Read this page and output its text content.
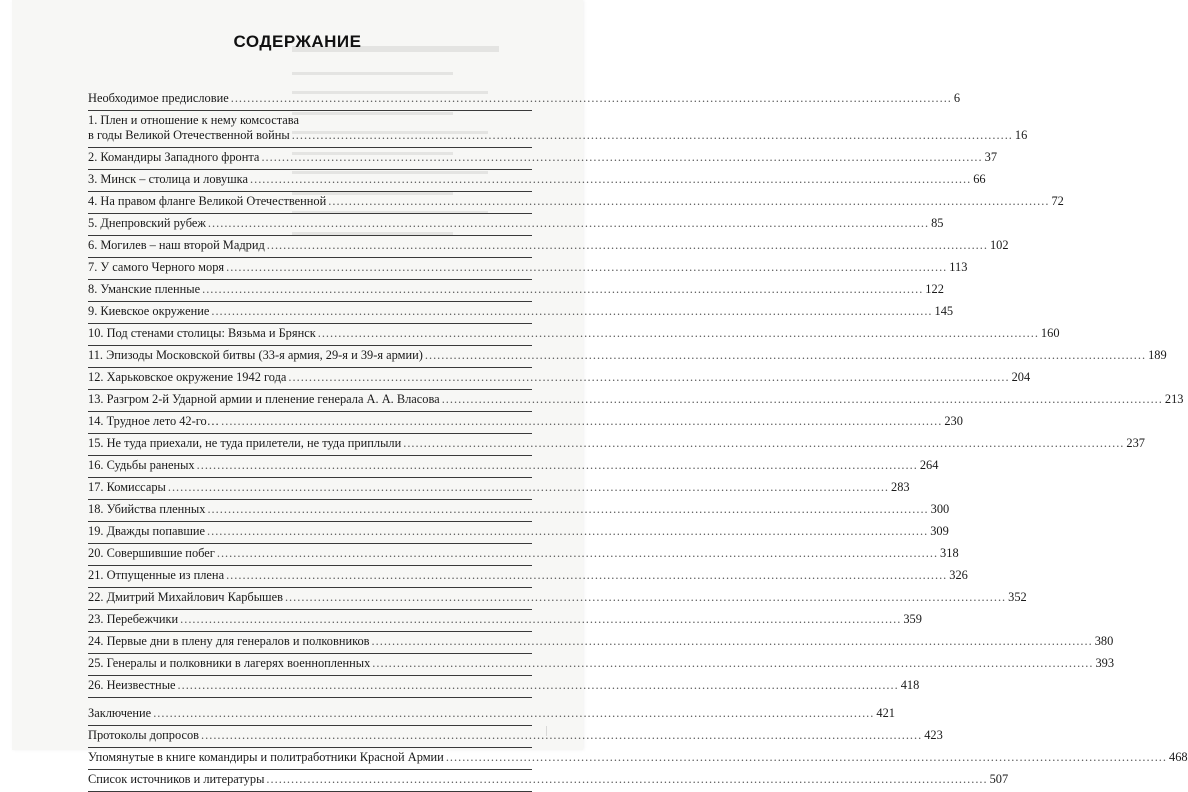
СОДЕРЖАНИЕ
Необходимое предисловие .....	6
1. Плен и отношение к нему комсостава
в годы Великой Отечественной войны .....	16
2. Командиры Западного фронта .....	37
3. Минск – столица и ловушка .....	66
4. На правом фланге Великой Отечественной .....	72
5. Днепровский рубеж .....	85
6. Могилев – наш второй Мадрид .....	102
7. У самого Черного моря .....	113
8. Уманские пленные .....	122
9. Киевское окружение .....	145
10. Под стенами столицы: Вязьма и Брянск .....	160
11. Эпизоды Московской битвы (33-я армия, 29-я и 39-я армии) .....	189
12. Харьковское окружение 1942 года .....	204
13. Разгром 2-й Ударной армии и пленение генерала А. А. Власова .....	213
14. Трудное лето 42-го… .....	230
15. Не туда приехали, не туда прилетели, не туда приплыли .....	237
16. Судьбы раненых .....	264
17. Комиссары .....	283
18. Убийства пленных .....	300
19. Дважды попавшие .....	309
20. Совершившие побег .....	318
21. Отпущенные из плена .....	326
22. Дмитрий Михайлович Карбышев .....	352
23. Перебежчики .....	359
24. Первые дни в плену для генералов и полковников .....	380
25. Генералы и полковники в лагерях военнопленных .....	393
26. Неизвестные .....	418
Заключение .....	421
Протоколы допросов .....	423
Упомянутые в книге командиры и политработники Красной Армии .....	468
Список источников и литературы .....	507
